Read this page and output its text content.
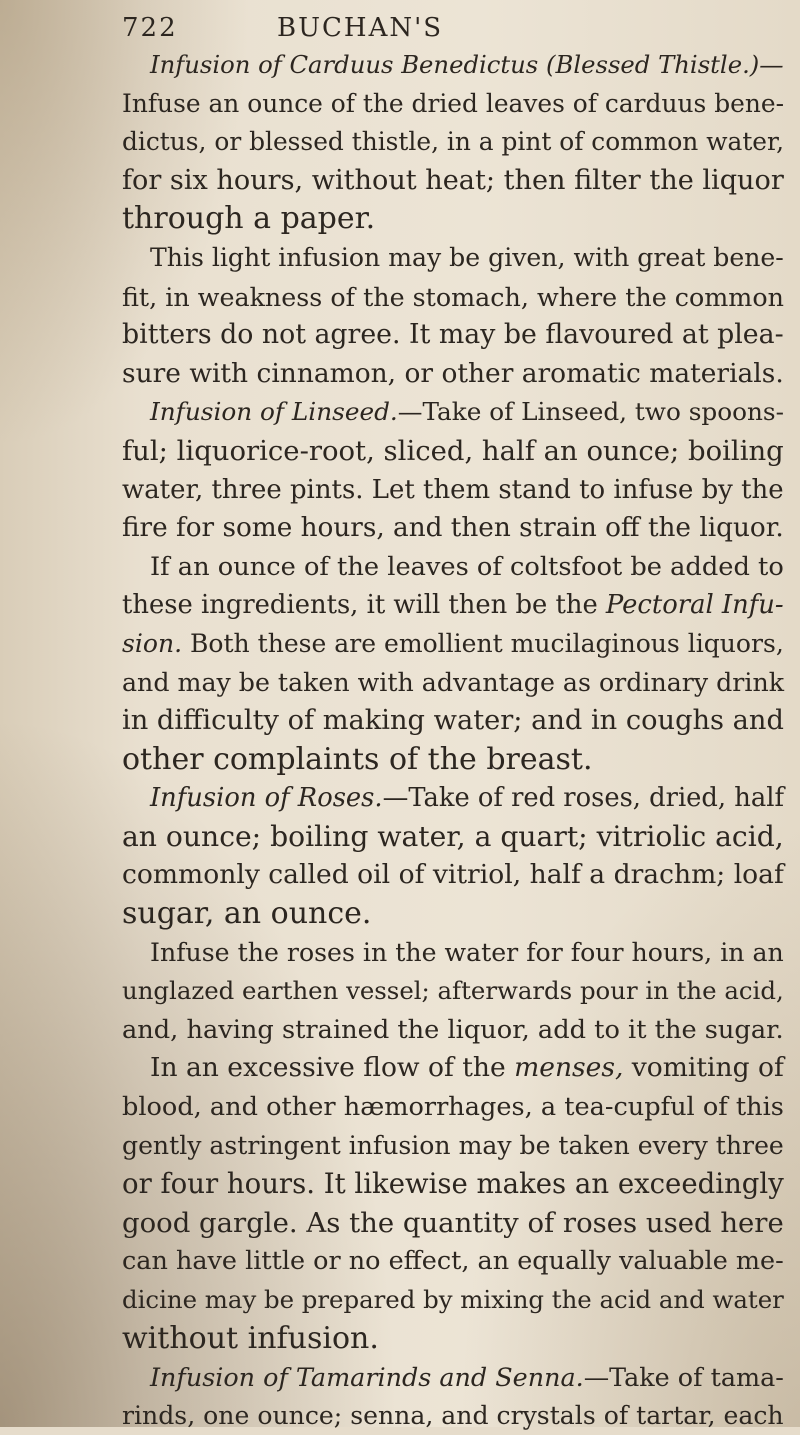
722	BUCHAN'S
Infusion of Carduus Benedictus (Blessed Thistle.)—
Infuse an ounce of the dried leaves of carduus bene-
dictus, or blessed thistle, in a pint of common water,
for six hours, without heat; then filter the liquor
through a paper.
This light infusion may be given, with great bene-
fit, in weakness of the stomach, where the common
bitters do not agree. It may be flavoured at plea-
sure with cinnamon, or other aromatic materials.
Infusion of Linseed.—Take of Linseed, two spoons-
ful; liquorice-root, sliced, half an ounce; boiling
water, three pints. Let them stand to infuse by the
fire for some hours, and then strain off the liquor.
If an ounce of the leaves of coltsfoot be added to
these ingredients, it will then be the Pectoral Infu-
sion. Both these are emollient mucilaginous liquors,
and may be taken with advantage as ordinary drink
in difficulty of making water; and in coughs and
other complaints of the breast.
Infusion of Roses.—Take of red roses, dried, half
an ounce; boiling water, a quart; vitriolic acid,
commonly called oil of vitriol, half a drachm; loaf
sugar, an ounce.
Infuse the roses in the water for four hours, in an
unglazed earthen vessel; afterwards pour in the acid,
and, having strained the liquor, add to it the sugar.
In an excessive flow of the menses, vomiting of
blood, and other hæmorrhages, a tea-cupful of this
gently astringent infusion may be taken every three
or four hours. It likewise makes an exceedingly
good gargle. As the quantity of roses used here
can have little or no effect, an equally valuable me-
dicine may be prepared by mixing the acid and water
without infusion.
Infusion of Tamarinds and Senna.—Take of tama-
rinds, one ounce; senna, and crystals of tartar, each
